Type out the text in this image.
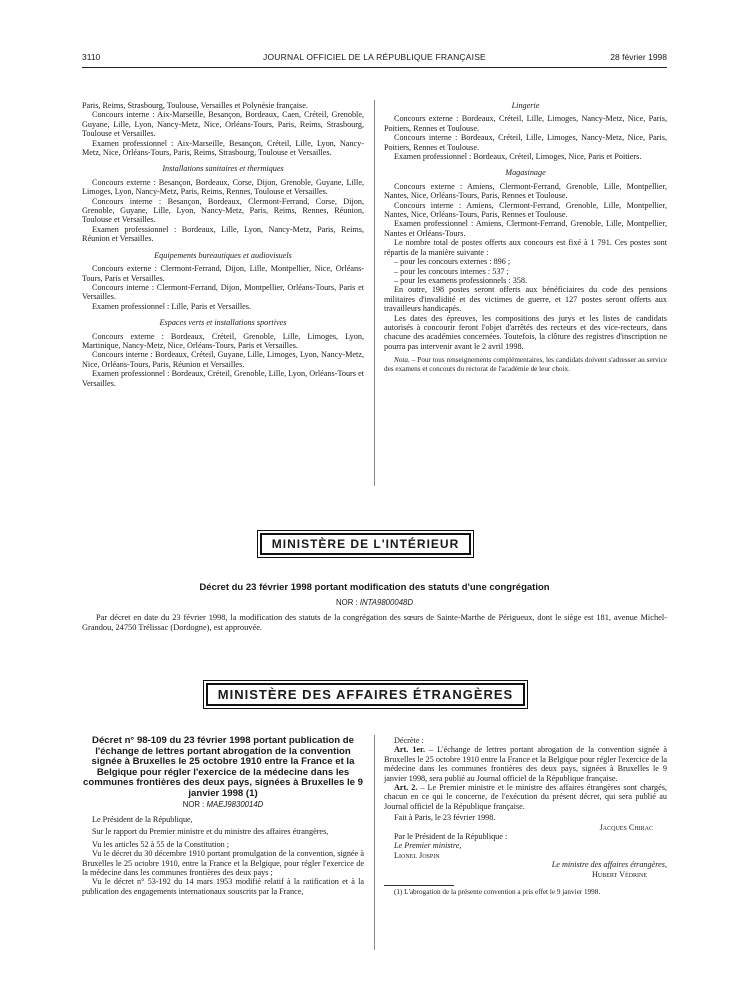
3110	JOURNAL OFFICIEL DE LA RÉPUBLIQUE FRANÇAISE	28 février 1998

Paris, Reims, Strasbourg, Toulouse, Versailles et Polynésie française.

Concours interne : Aix-Marseille, Besançon, Bordeaux, Caen, Créteil, Grenoble, Guyane, Lille, Lyon, Nancy-Metz, Nice, Orléans-Tours, Paris, Reims, Strasbourg, Toulouse et Versailles.

Examen professionnel : Aix-Marseille, Besançon, Créteil, Lille, Lyon, Nancy-Metz, Nice, Orléans-Tours, Paris, Reims, Strasbourg, Toulouse et Versailles.

Installations sanitaires et thermiques

Concours externe : Besançon, Bordeaux, Corse, Dijon, Grenoble, Guyane, Lille, Limoges, Lyon, Nancy-Metz, Paris, Reims, Rennes, Toulouse et Versailles.

Concours interne : Besançon, Bordeaux, Clermont-Ferrand, Corse, Dijon, Grenoble, Guyane, Lille, Lyon, Nancy-Metz, Paris, Reims, Rennes, Réunion, Toulouse et Versailles.

Examen professionnel : Bordeaux, Lille, Lyon, Nancy-Metz, Paris, Reims, Réunion et Versailles.

Equipements bureautiques et audiovisuels

Concours externe : Clermont-Ferrand, Dijon, Lille, Montpellier, Nice, Orléans-Tours, Paris et Versailles.

Concours interne : Clermont-Ferrand, Dijon, Montpellier, Orléans-Tours, Paris et Versailles.

Examen professionnel : Lille, Paris et Versailles.

Espaces verts et installations sportives

Concours externe : Bordeaux, Créteil, Grenoble, Lille, Limoges, Lyon, Martinique, Nancy-Metz, Nice, Orléans-Tours, Paris et Versailles.

Concours interne : Bordeaux, Créteil, Guyane, Lille, Limoges, Lyon, Nancy-Metz, Nice, Orléans-Tours, Paris, Réunion et Versailles.

Examen professionnel : Bordeaux, Créteil, Grenoble, Lille, Lyon, Orléans-Tours et Versailles.

Lingerie

Concours externe : Bordeaux, Créteil, Lille, Limoges, Nancy-Metz, Nice, Paris, Poitiers, Rennes et Toulouse.

Concours interne : Bordeaux, Créteil, Lille, Limoges, Nancy-Metz, Nice, Paris, Poitiers, Rennes et Toulouse.

Examen professionnel : Bordeaux, Créteil, Limoges, Nice, Paris et Poitiers.

Magasinage

Concours externe : Amiens, Clermont-Ferrand, Grenoble, Lille, Montpellier, Nantes, Nice, Orléans-Tours, Paris, Rennes et Toulouse.

Concours interne : Amiens, Clermont-Ferrand, Grenoble, Lille, Montpellier, Nantes, Nice, Orléans-Tours, Paris, Rennes et Toulouse.

Examen professionnel : Amiens, Clermont-Ferrand, Grenoble, Lille, Montpellier, Nantes et Orléans-Tours.

Le nombre total de postes offerts aux concours est fixé à 1 791. Ces postes sont répartis de la manière suivante :

– pour les concours externes : 896 ;

– pour les concours internes : 537 ;

– pour les examens professionnels : 358.

En outre, 198 postes seront offerts aux bénéficiaires du code des pensions militaires d'invalidité et des victimes de guerre, et 127 postes seront offerts aux travailleurs handicapés.

Les dates des épreuves, les compositions des jurys et les listes de candidats autorisés à concourir feront l'objet d'arrêtés des recteurs et des vice-recteurs, dans chacune des académies concernées. Toutefois, la clôture des registres d'inscription ne pourra pas intervenir avant le 2 avril 1998.

Nota. – Pour tous renseignements complémentaires, les candidats doivent s'adresser au service des examens et concours du rectorat de l'académie de leur choix.

MINISTÈRE DE L'INTÉRIEUR
Décret du 23 février 1998 portant modification des statuts d'une congrégation
NOR : INTA9800048D
Par décret en date du 23 février 1998, la modification des statuts de la congrégation des sœurs de Sainte-Marthe de Périgueux, dont le siège est 181, avenue Michel-Grandou, 24750 Trélissac (Dordogne), est approuvée.
MINISTÈRE DES AFFAIRES ÉTRANGÈRES

Décret n° 98-109 du 23 février 1998 portant publication de l'échange de lettres portant abrogation de la convention signée à Bruxelles le 25 octobre 1910 entre la France et la Belgique pour régler l'exercice de la médecine dans les communes frontières des deux pays, signées à Bruxelles le 9 janvier 1998 (1)

NOR : MAEJ9830014D

Le Président de la République,

Sur le rapport du Premier ministre et du ministre des affaires étrangères,

Vu les articles 52 à 55 de la Constitution ;

Vu le décret du 30 décembre 1910 portant promulgation de la convention, signée à Bruxelles le 25 octobre 1910, entre la France et la Belgique, pour régler l'exercice de la médecine dans les communes frontières des deux pays ;

Vu le décret n° 53-192 du 14 mars 1953 modifié relatif à la ratification et à la publication des engagements internationaux souscrits par la France,

Décrète :

Art. 1er. – L'échange de lettres portant abrogation de la convention signée à Bruxelles le 25 octobre 1910 entre la France et la Belgique pour régler l'exercice de la médecine dans les communes frontières des deux pays, signées à Bruxelles le 9 janvier 1998, sera publié au Journal officiel de la République française.

Art. 2. – Le Premier ministre et le ministre des affaires étrangères sont chargés, chacun en ce qui le concerne, de l'exécution du présent décret, qui sera publié au Journal officiel de la République française.

Fait à Paris, le 23 février 1998.

Jacques Chirac

Par le Président de la République :

Le Premier ministre,

Lionel Jospin

Le ministre des affaires étrangères,

Hubert Védrine

(1) L'abrogation de la présente convention a pris effet le 9 janvier 1998.
